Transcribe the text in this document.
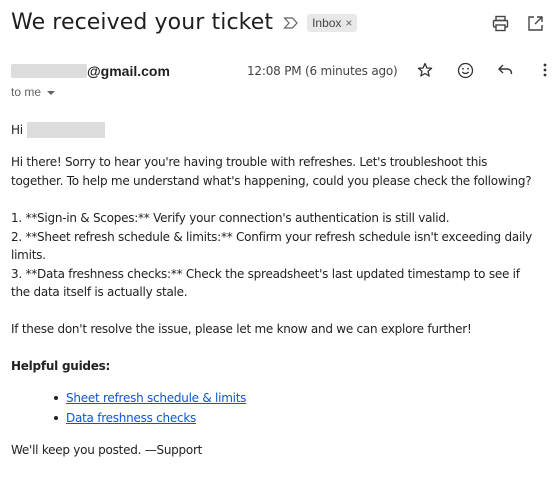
We received your ticket	Inbox ×
@gmail.com	12:08 PM (6 minutes ago)
to me
Hi

Hi there! Sorry to hear you're having trouble with refreshes. Let's troubleshoot this together. To help me understand what's happening, could you please check the following?

1. **Sign-in & Scopes:** Verify your connection's authentication is still valid.

2. **Sheet refresh schedule & limits:** Confirm your refresh schedule isn't exceeding daily limits.

3. **Data freshness checks:** Check the spreadsheet's last updated timestamp to see if the data itself is actually stale.

If these don't resolve the issue, please let me know and we can explore further!

Helpful guides:

Sheet refresh schedule & limits
Data freshness checks

We'll keep you posted. —Support
